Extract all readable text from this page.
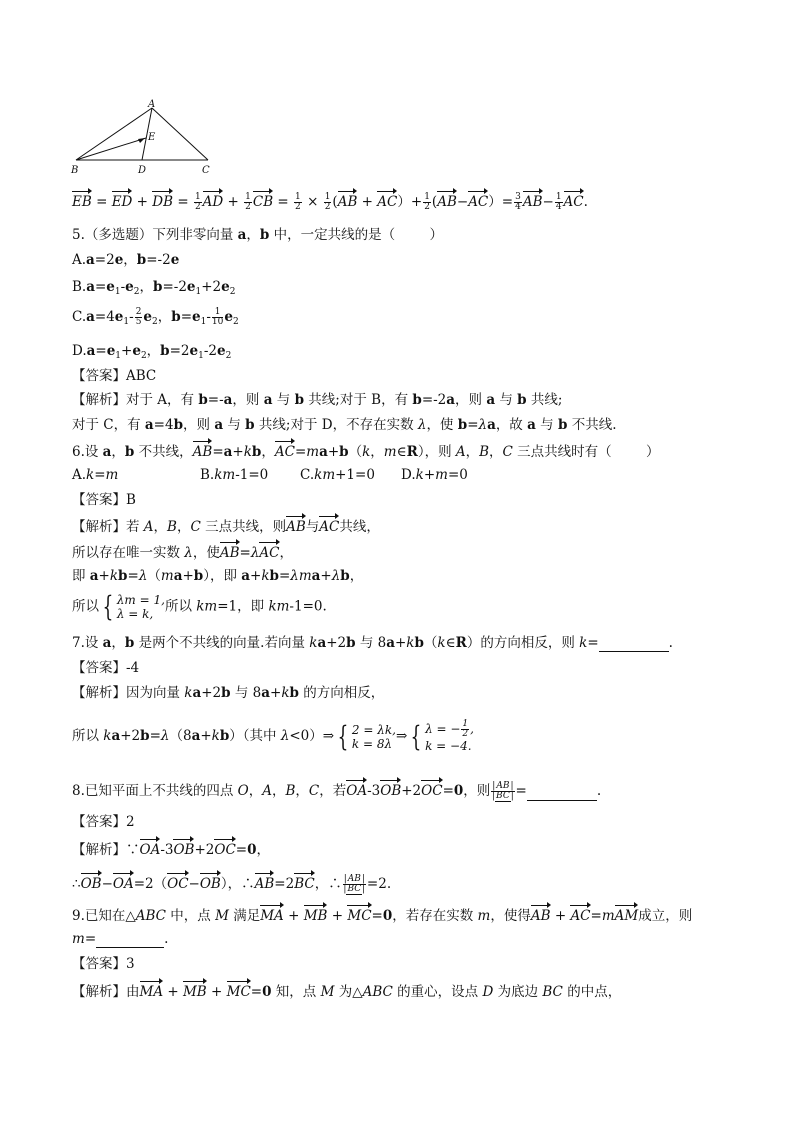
A
B	C
D
E
EB = ED + DB = $\frac{1}{2}$ AD + $\frac{1}{2}$ CB = $\frac{1}{2} \times \frac{1}{2} (AB + AC)+ \frac{1}{2} (AB-AC)= \frac{3}{4} AB- \frac{1}{4}$ AC.
5.（多选题）下列非零向量 a，b 中，一定共线的是（        ）
A.a=2e，b=-2e
$B.a=e_1-e_2$，$b=-2e_1+2e_2$
$C.a=4e_1- \frac{2}{5} e_2$，$b=e_1- \frac{1}{10} e_2$
$D.a=e_1+e_2$，$b=2e_1-2e_2$
【答案】ABC
【解析】对于 A，有 b=-a，则 a 与 b 共线;对于 B，有 b=-2a，则 a 与 b 共线;
对于 C，有 a=4b，则 a 与 b 共线;对于 D，不存在实数 λ，使 b=λa，故 a 与 b 不共线.
6.设 a，b 不共线，AB=a+kb，AC=ma+b（k，m∈R），则 A，B，C 三点共线时有（        ）
A.k=m	B.km-1=0 C.km+1=0 D.k+m=0
【答案】B
【解析】若 A，B，C 三点共线，则AB与AC共线，
所以存在唯一实数 λ，使AB=λAC，
即 a+kb=λ（ma+b），即 a+kb=λma+λb，
所以 { λm = 1,
λ = k, 所以 km=1，即 km-1=0.
7.设 a，b 是两个不共线的向量.若向量 ka+2b 与 8a+kb（k∈R）的方向相反，则 k=	.
【答案】-4
【解析】因为向量 ka+2b 与 8a+kb 的方向相反，
所以 ka+2b=λ（8a+kb）（其中 λ<0）⇒ { 2 = λk,
k = 8λ ⇒ { λ = − $\frac{1}{2}$ ,
k = −4.
8.已知平面上不共线的四点 O，A，B，C，若OA-3OB+2OC=0，则 $\frac{|AB|}{|BC|}$ =	.
【答案】2
【解析】∵OA-3OB+2OC=0，
∴OB−OA=2（OC−OB），∴AB=2BC，∴ $\frac{|AB|}{|BC|} =2$.
9.已知在△ABC 中，点 M 满足MA + MB + MC=0，若存在实数 m，使得AB + AC=mAM成立，则
m=	.
【答案】3
【解析】由MA + MB + MC=0 知，点 M 为△ABC 的重心，设点 D 为底边 BC 的中点，
